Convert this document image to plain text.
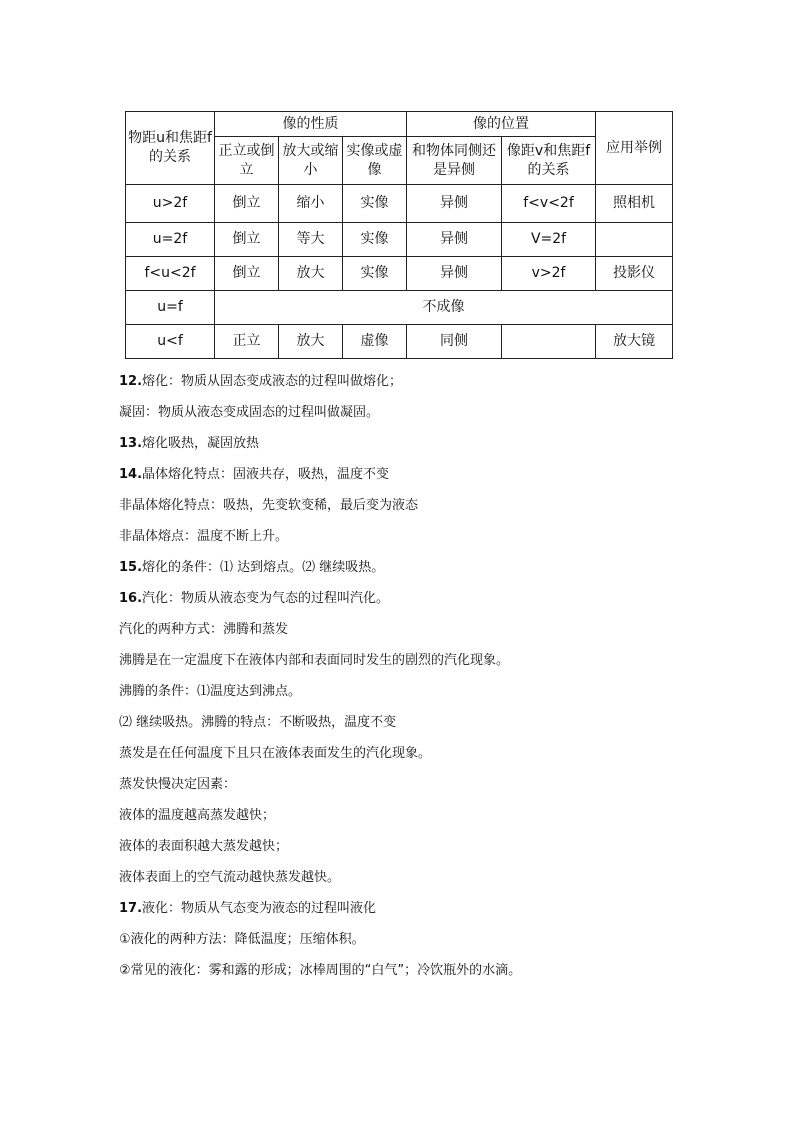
物距u和焦距f的关系	像的性质			像的位置		应用举例
	正立或倒立	放大或缩小	实像或虚像	和物体同侧还是异侧	像距v和焦距f的关系	
u>2f	倒立	缩小	实像	异侧	f<v<2f	照相机
u=2f	倒立	等大	实像	异侧	V=2f	
f<u<2f	倒立	放大	实像	异侧	v>2f	投影仪
u=f	不成像					
u<f	正立	放大	虚像	同侧		放大镜
12.熔化：物质从固态变成液态的过程叫做熔化；
凝固：物质从液态变成固态的过程叫做凝固。
13.熔化吸热，凝固放热
14.晶体熔化特点：固液共存，吸热，温度不变
非晶体熔化特点：吸热，先变软变稀，最后变为液态
非晶体熔点：温度不断上升。
15.熔化的条件：⑴ 达到熔点。⑵ 继续吸热。
16.汽化：物质从液态变为气态的过程叫汽化。
汽化的两种方式：沸腾和蒸发
沸腾是在一定温度下在液体内部和表面同时发生的剧烈的汽化现象。
沸腾的条件：⑴温度达到沸点。
⑵ 继续吸热。沸腾的特点：不断吸热，温度不变
蒸发是在任何温度下且只在液体表面发生的汽化现象。
蒸发快慢决定因素：
液体的温度越高蒸发越快；
液体的表面积越大蒸发越快；
液体表面上的空气流动越快蒸发越快。
17.液化：物质从气态变为液态的过程叫液化
①液化的两种方法：降低温度；压缩体积。
②常见的液化：雾和露的形成；冰棒周围的“白气”；冷饮瓶外的水滴。
